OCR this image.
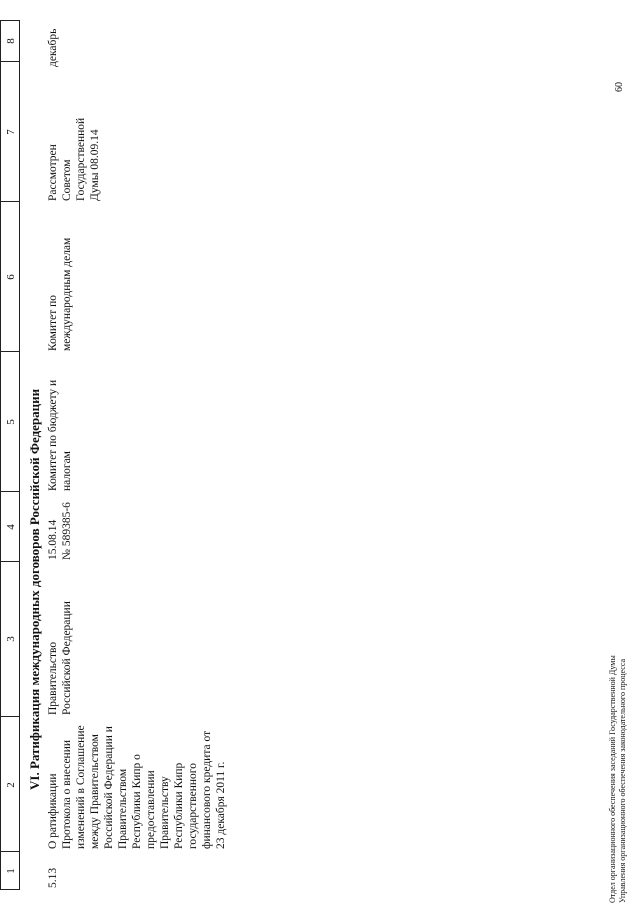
1
2
3
4
5
6
7
8
VI. Ратификация международных договоров Российской Федерации
5.13
О ратификации
Протокола о внесении
изменений в Соглашение
между Правительством
Российской Федерации и
Правительством
Республики Кипр о
предоставлении
Правительству
Республики Кипр
государственного
финансового кредита от
23 декабря 2011 г.
Правительство
Российской Федерации
15.08.14
№ 589385-6
Комитет по бюджету и
налогам
Комитет по
международным делам
Рассмотрен
Советом
Государственной
Думы 08.09.14
декабрь
Отдел организационного обеспечения заседаний Государственной Думы Управления организационного обеспечения законодательного процесса
60
